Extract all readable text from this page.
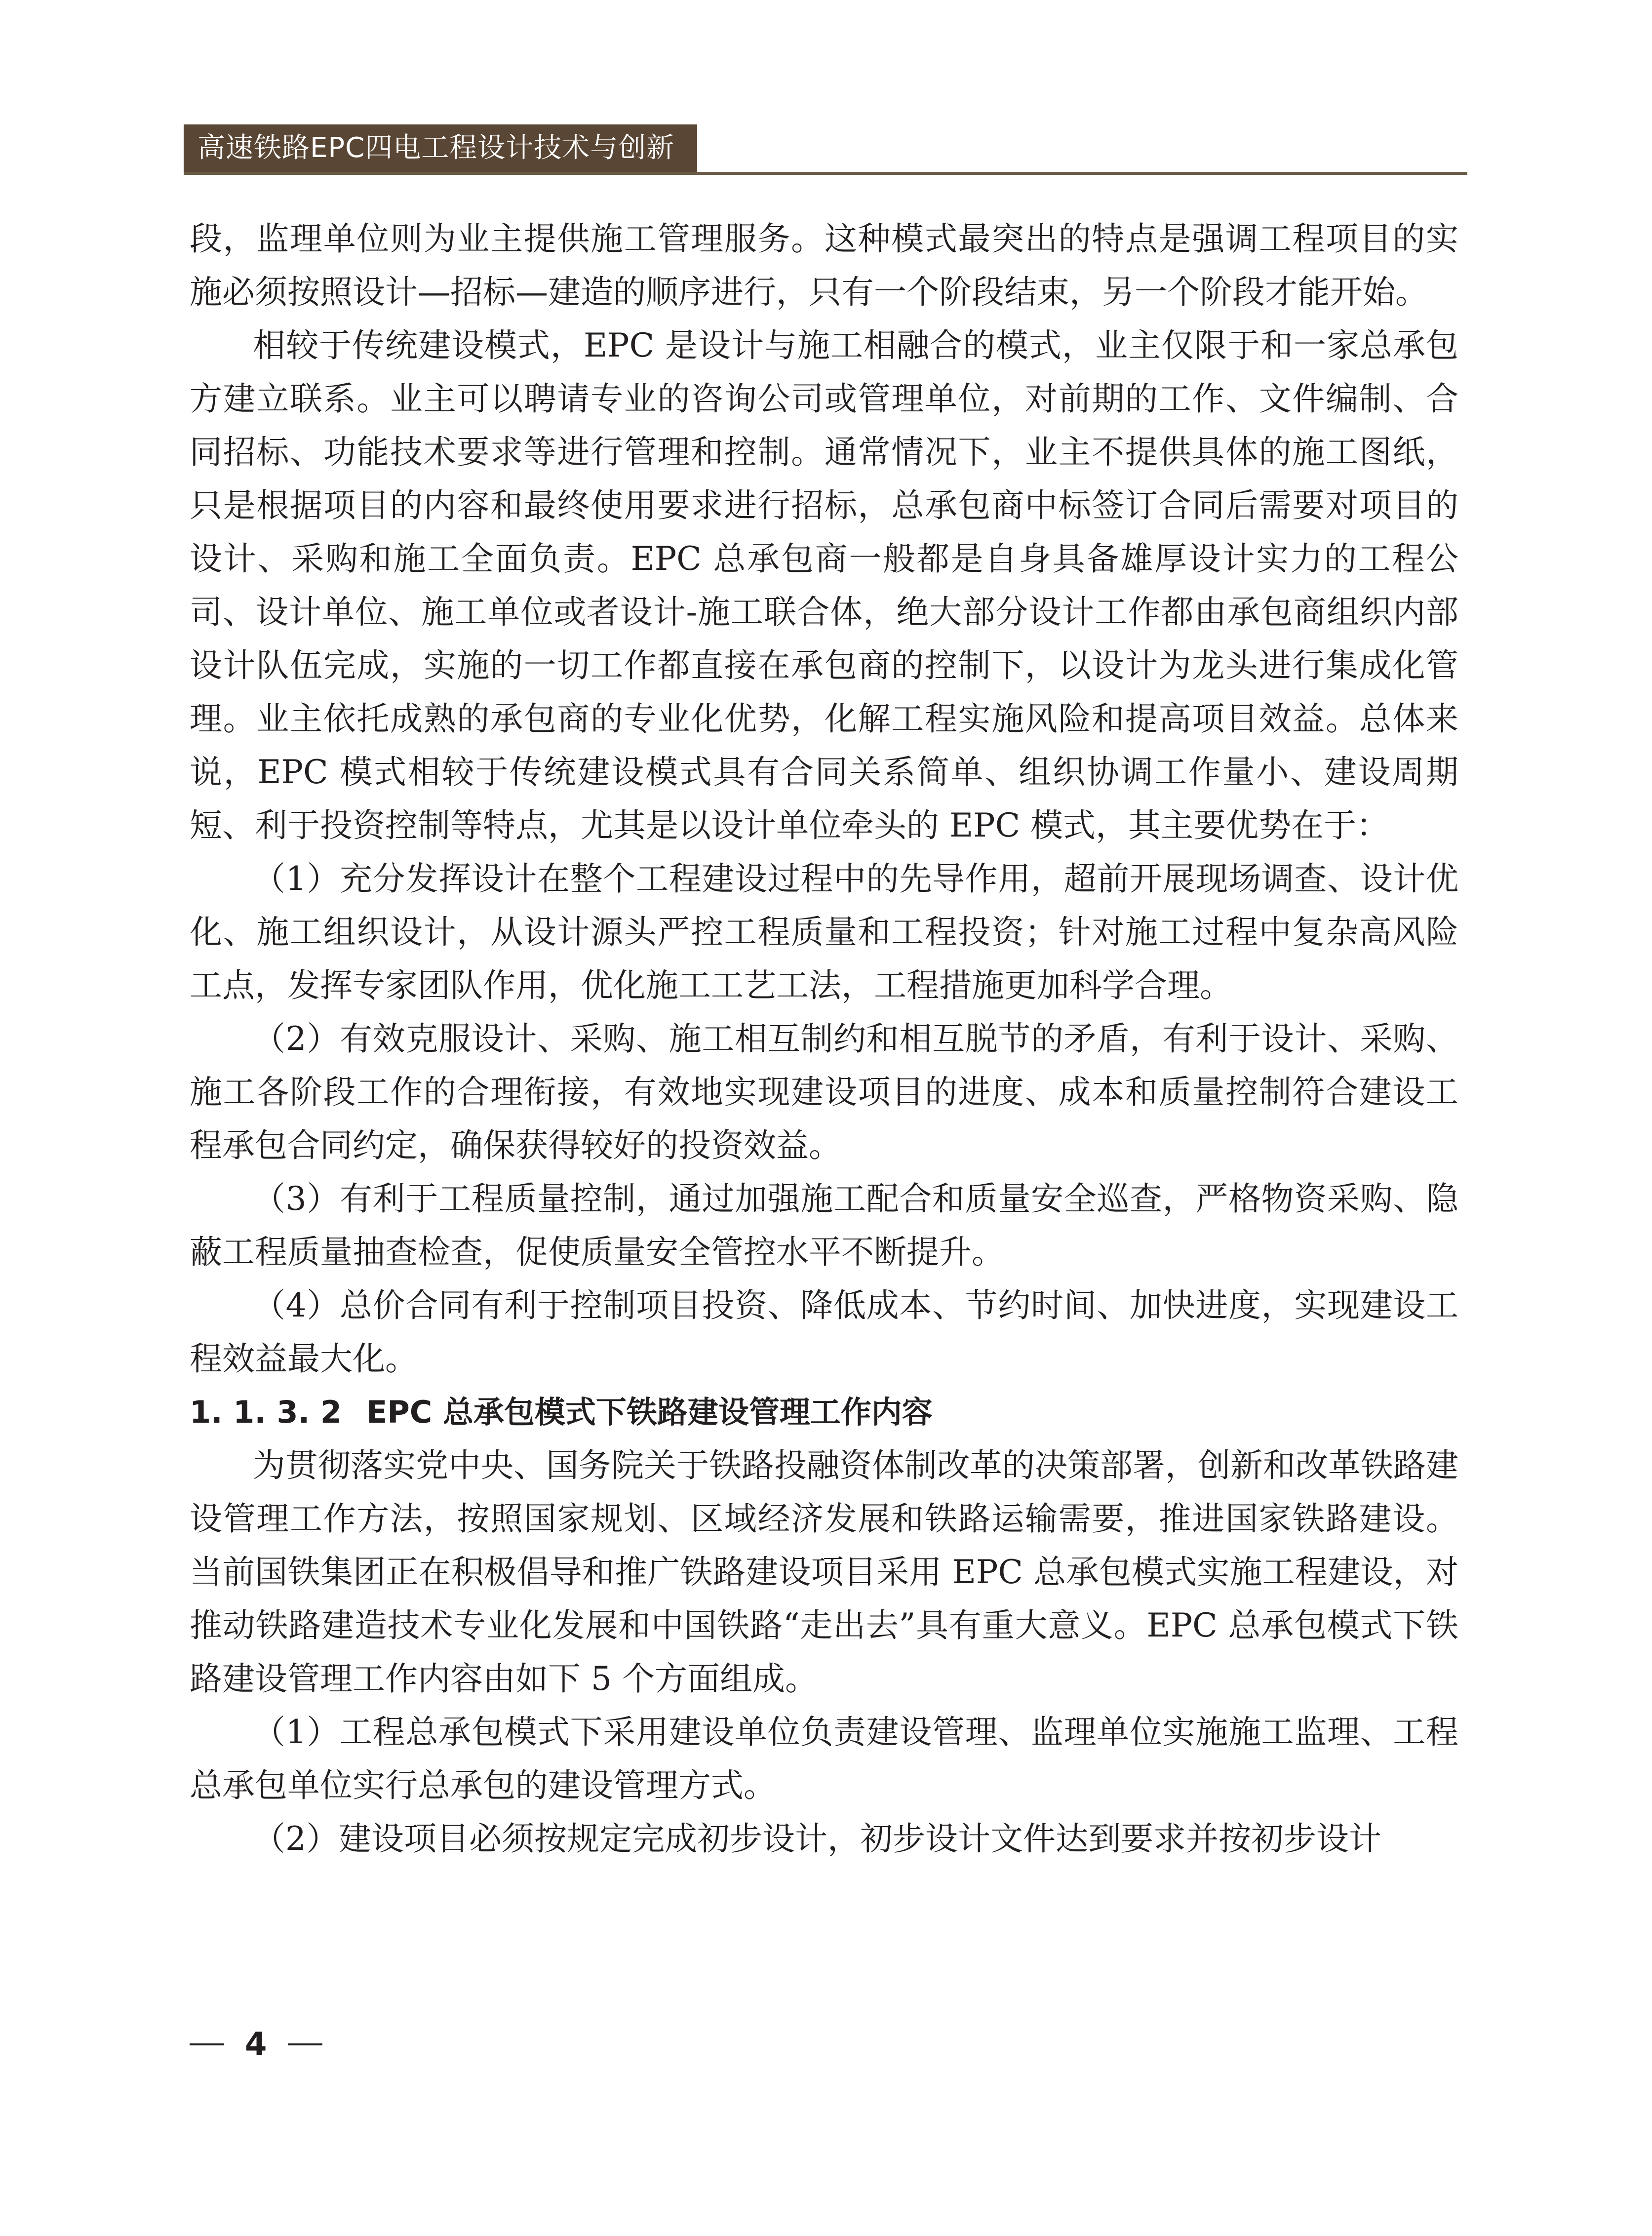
高速铁路EPC四电工程设计技术与创新

段，监理单位则为业主提供施工管理服务。这种模式最突出的特点是强调工程项目的实施必须按照设计—招标—建造的顺序进行，只有一个阶段结束，另一个阶段才能开始。

相较于传统建设模式，EPC 是设计与施工相融合的模式，业主仅限于和一家总承包方建立联系。业主可以聘请专业的咨询公司或管理单位，对前期的工作、文件编制、合同招标、功能技术要求等进行管理和控制。通常情况下，业主不提供具体的施工图纸，只是根据项目的内容和最终使用要求进行招标，总承包商中标签订合同后需要对项目的设计、采购和施工全面负责。EPC 总承包商一般都是自身具备雄厚设计实力的工程公司、设计单位、施工单位或者设计-施工联合体，绝大部分设计工作都由承包商组织内部设计队伍完成，实施的一切工作都直接在承包商的控制下，以设计为龙头进行集成化管理。业主依托成熟的承包商的专业化优势，化解工程实施风险和提高项目效益。总体来说，EPC 模式相较于传统建设模式具有合同关系简单、组织协调工作量小、建设周期短、利于投资控制等特点，尤其是以设计单位牵头的 EPC 模式，其主要优势在于：

（1）充分发挥设计在整个工程建设过程中的先导作用，超前开展现场调查、设计优化、施工组织设计，从设计源头严控工程质量和工程投资；针对施工过程中复杂高风险工点，发挥专家团队作用，优化施工工艺工法，工程措施更加科学合理。

（2）有效克服设计、采购、施工相互制约和相互脱节的矛盾，有利于设计、采购、施工各阶段工作的合理衔接，有效地实现建设项目的进度、成本和质量控制符合建设工程承包合同约定，确保获得较好的投资效益。

（3）有利于工程质量控制，通过加强施工配合和质量安全巡查，严格物资采购、隐蔽工程质量抽查检查，促使质量安全管控水平不断提升。

（4）总价合同有利于控制项目投资、降低成本、节约时间、加快进度，实现建设工程效益最大化。

1. 1. 3. 2 EPC 总承包模式下铁路建设管理工作内容

为贯彻落实党中央、国务院关于铁路投融资体制改革的决策部署，创新和改革铁路建设管理工作方法，按照国家规划、区域经济发展和铁路运输需要，推进国家铁路建设。当前国铁集团正在积极倡导和推广铁路建设项目采用 EPC 总承包模式实施工程建设，对推动铁路建造技术专业化发展和中国铁路“走出去”具有重大意义。EPC 总承包模式下铁路建设管理工作内容由如下 5 个方面组成。

（1）工程总承包模式下采用建设单位负责建设管理、监理单位实施施工监理、工程总承包单位实行总承包的建设管理方式。

（2）建设项目必须按规定完成初步设计，初步设计文件达到要求并按初步设计

4
